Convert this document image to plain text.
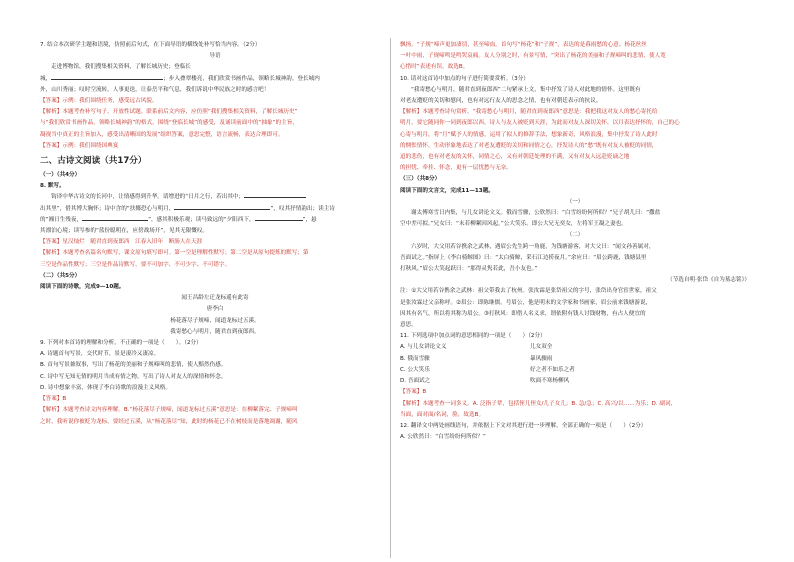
7. 结合本次研学主题和语境，仿照前后句式，在下面导语的横线处补写恰当内容。（2分）

导语

走进博物馆，我们搜集相关资料，了解长城历史；登临长

城，	；步入叠翠楼亮，我们欣赏书画作品，领略长城神韵。登长城内

外，山川秀丽；叹时空流转，人事更迭，让泰岳平和气息，我们诉说中华民族之时的感言吧！

【答案】示例：我们围绕任务，感受远古风貌。

【解析】本题考查补写句子，开放性试题。联系前后文内容，应仿照“我们搜集相关资料，了解长城历史”

与“我们欣赏书画作品，领略长城神韵”的格式，围绕“登临长城”的感受，及诵读前面中的“抽象”的主旨，

凝视当中真正的主旨加入，感受出清晰国的发展”组织答案，意思完整，语言流畅，表达合理即可。

【答案】示例：我们围绕国典宴

二、古诗文阅读（共17分）

（一）（共4分）

8. 默写。

钩译中华古诗文的长河中，让情感得到升华。请增进的“日月之行，若出其中；

出其里”，借其博大胸怀；诗中含的“扶揶恐心与明月，	”，叹其抒情韵出；读主诗

的“湘日生残夜，	”，感其积极乐观；读马致远的“夕阳西下，	”，悬

其漂泊心境；读岑参的“蓝份聪明在，应傍战场开”，见其无限慨叹。

【答案】星汉灿烂　随君直到夜郎西　江春入旧年　断肠人在天涯

【解析】本题考查名篇名句默写，课文原句填写即可。第一空是理解性默写；第二空是从原句提炼的默写；第

三空是作品性默写；三空是作品诗默写，要不可加字、不可少字、不可错字。

（二）（共5分）

阅读下面的诗歌，完成9—10题。

闻王昌龄左迁龙标遥有此寄

唐李白

杨花落尽子规啼，闻道龙标过五溪。

我寄愁心与明月，随君直到夜郎西。

9. 下列对本首诗的理解和分析，不正确的一项是（　　）。（2分）

A. 诗题首句写景，交代时节，景是凄冷又凄凉。

B. 首句写景兼叙事，写出了杨花的美丽和子规啼叫的悲情，使人黯然伤感。

C. 诗中写无知无情的明月当成有情之物，写出了诗人对友人的深情和怀念。

D. 诗中想象丰富，体现了李白诗歌的浪漫主义风格。

【答案】B

【解析】本题考查诗文内容理解。B.“杨花落尽子规啼，闻道龙标过五溪”意思是：在柳絮落完、子规啼叫

之时，我听说你被贬为龙标，要经过五溪，从“杨花落尽”知，此时的杨花已不在树枝而是落地凋谢，随风

飘扬。“子规”啼声更加凄切，甚至啼血。首句写“杨花”和“子规”，表达的是暮雨愁的心意。杨花丝丝

一叶中雨，子规啼鸣是鸣哭哀痛。友人分别之时，有景写情，“突出了杨花的美丽和子规啼叫的悲情，使人宽

心惜时”表述有误。故选B。

10. 请对这首诗中加点的句子进行简要赏析。（3分）

“我寄愁心与明月，随君直到夜郎西”二句紧承上文，集中抒发了诗人对此地的情怀。这里既有

对老友遭贬的关切和慰问，也有对远行友人的思念之情，也有对朝廷表示的抗议。

【解析】本题考查诗句赏析。“我寄愁心与明月，随君直到夜郎西”意思是：我把我这对友人的愁心寄托给

明月，要它随同你一同到夜郎以西。诗人与友人被贬到天涯，为此而对友人深切关怀，以月表达抒怀的，自己的心

心寄与明月，将“月”赋予人的情感，运用了拟人的修辞手法，想象新奇，风格浪漫，集中抒发了诗人此时

的惆怅情怀，生动形象地表达了对老友遭贬的关切和同情之心，抒发诗人的“愁”既有对友人被贬的同情，

迢的悲伤，也有对老友的关怀，同情之心，又有对朝廷处理的不满，又有对友人远赴贬谪之地

的担忧、牵挂、怀念，更有一层忧愁与无奈。

（三）（共8分）

阅读下面的文言文，完成11—13题。

（一）

谢太傅寒雪日内集，与儿女讲论文义。俄而雪骤，公欣然曰：“白雪纷纷何所似？”兄子胡儿曰：“撒盐

空中差可拟。”兄女曰：“未若柳絮因风起。”公大笑乐。即公大兄无奕女，左将军王凝之妻也。

（二）

六岁时，大父用若谷携余之武林，遇眉公先生跨一角鹿，为钱塘游客，对大父曰：“闻文孙善属对，

吾面试之。”指屏上《李白骑鲸图》曰：“太白骑鲸，采石江边捞夜月。”余应曰：“眉公跨鹿，钱塘县里

打秋风。”眉公大笑起跃曰：“那得灵隽若此，吾小友也。”

（节选自明·张岱《自为墓志铭》）

注：①大父用若谷携余之武林：祖父带我去了杭州。张汝霖是张岱祖父的字号，张岱出身官宦世家，祖父

是张汝霖过父亲称呼。②眉公：即陈继儒，号眉公，他是明末的文学家和书画家，眉公前来钱塘游说，

因其有名气，所以将其称为眉公。③打秋风：即借人名义求，谓依附有钱人讨钱财物，有占人便宜的

意思。

11. 下列选项中加点词的意思相同的一项是（　　）（2分）

A. 与儿女讲论文义	儿女双全

B. 俄而雪骤	暴风骤雨

C. 公大笑乐	好之者不如乐之者

D. 吾面试之	吹面不寒杨柳风

【答案】B

【解析】本题考查一词多义。A. 泛指子辈，包括侄儿侄女/儿子女儿；B. 急/急；C. 高兴/以……为乐；D. 副词，

当面，面对面/名词，脸，故选B。

12. 翻译文中两处画线语句，并依据上下文对其进行进一步理解，全部正确的一项是（　　）（2分）

A. 公欣然曰：“白雪纷纷何所似？”
